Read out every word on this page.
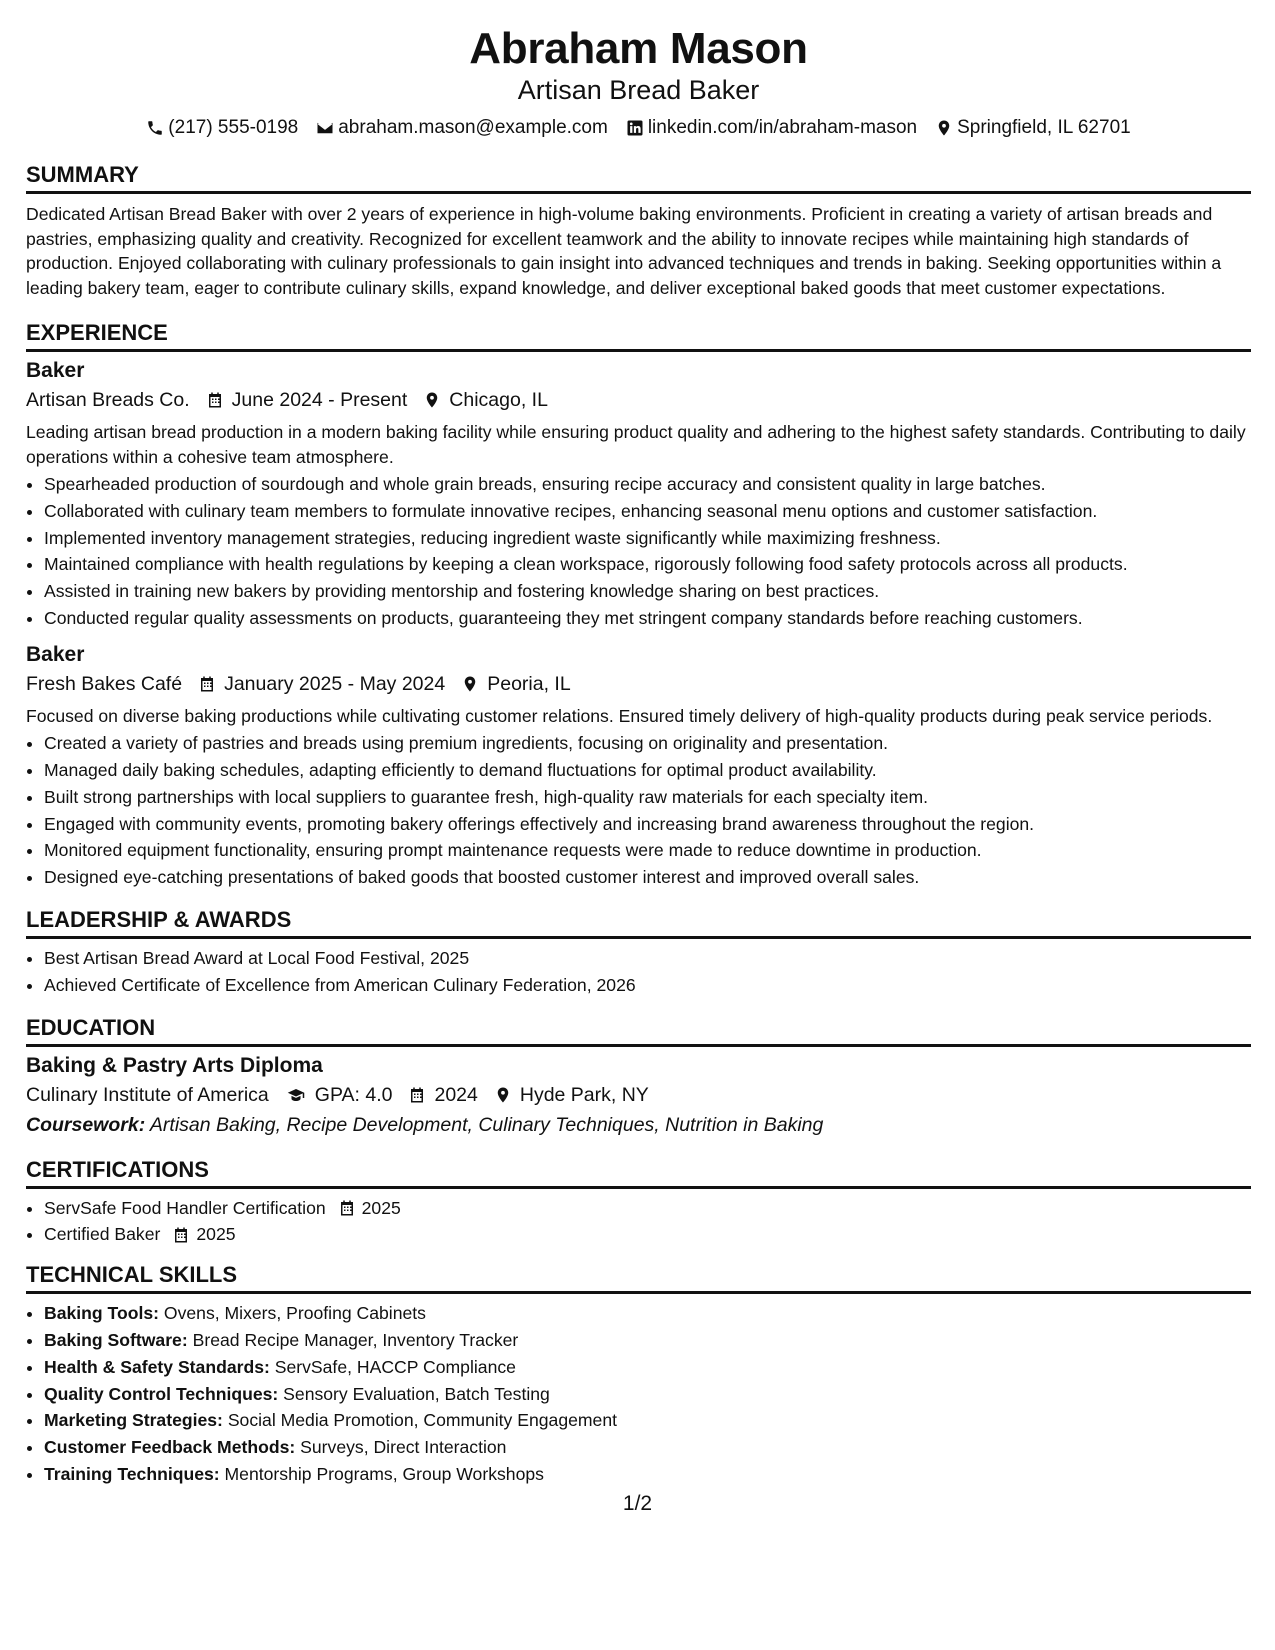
Abraham Mason
Artisan Bread Baker
(217) 555-0198 abraham.mason@example.com linkedin.com/in/abraham-mason Springfield, IL 62701
SUMMARY
Dedicated Artisan Bread Baker with over 2 years of experience in high-volume baking environments. Proficient in creating a variety of artisan breads and pastries, emphasizing quality and creativity. Recognized for excellent teamwork and the ability to innovate recipes while maintaining high standards of production. Enjoyed collaborating with culinary professionals to gain insight into advanced techniques and trends in baking. Seeking opportunities within a leading bakery team, eager to contribute culinary skills, expand knowledge, and deliver exceptional baked goods that meet customer expectations.
EXPERIENCE
Baker
Artisan Breads Co. June 2024 - Present Chicago, IL
Leading artisan bread production in a modern baking facility while ensuring product quality and adhering to the highest safety standards. Contributing to daily operations within a cohesive team atmosphere.
• Spearheaded production of sourdough and whole grain breads, ensuring recipe accuracy and consistent quality in large batches.
• Collaborated with culinary team members to formulate innovative recipes, enhancing seasonal menu options and customer satisfaction.
• Implemented inventory management strategies, reducing ingredient waste significantly while maximizing freshness.
• Maintained compliance with health regulations by keeping a clean workspace, rigorously following food safety protocols across all products.
• Assisted in training new bakers by providing mentorship and fostering knowledge sharing on best practices.
• Conducted regular quality assessments on products, guaranteeing they met stringent company standards before reaching customers.
Baker
Fresh Bakes Café January 2025 - May 2024 Peoria, IL
Focused on diverse baking productions while cultivating customer relations. Ensured timely delivery of high-quality products during peak service periods.
• Created a variety of pastries and breads using premium ingredients, focusing on originality and presentation.
• Managed daily baking schedules, adapting efficiently to demand fluctuations for optimal product availability.
• Built strong partnerships with local suppliers to guarantee fresh, high-quality raw materials for each specialty item.
• Engaged with community events, promoting bakery offerings effectively and increasing brand awareness throughout the region.
• Monitored equipment functionality, ensuring prompt maintenance requests were made to reduce downtime in production.
• Designed eye-catching presentations of baked goods that boosted customer interest and improved overall sales.
LEADERSHIP & AWARDS
• Best Artisan Bread Award at Local Food Festival, 2025
• Achieved Certificate of Excellence from American Culinary Federation, 2026
EDUCATION
Baking & Pastry Arts Diploma
Culinary Institute of America GPA: 4.0 2024 Hyde Park, NY
Coursework: Artisan Baking, Recipe Development, Culinary Techniques, Nutrition in Baking
CERTIFICATIONS
• ServSafe Food Handler Certification 2025
• Certified Baker 2025
TECHNICAL SKILLS
• Baking Tools: Ovens, Mixers, Proofing Cabinets
• Baking Software: Bread Recipe Manager, Inventory Tracker
• Health & Safety Standards: ServSafe, HACCP Compliance
• Quality Control Techniques: Sensory Evaluation, Batch Testing
• Marketing Strategies: Social Media Promotion, Community Engagement
• Customer Feedback Methods: Surveys, Direct Interaction
• Training Techniques: Mentorship Programs, Group Workshops
1/2
